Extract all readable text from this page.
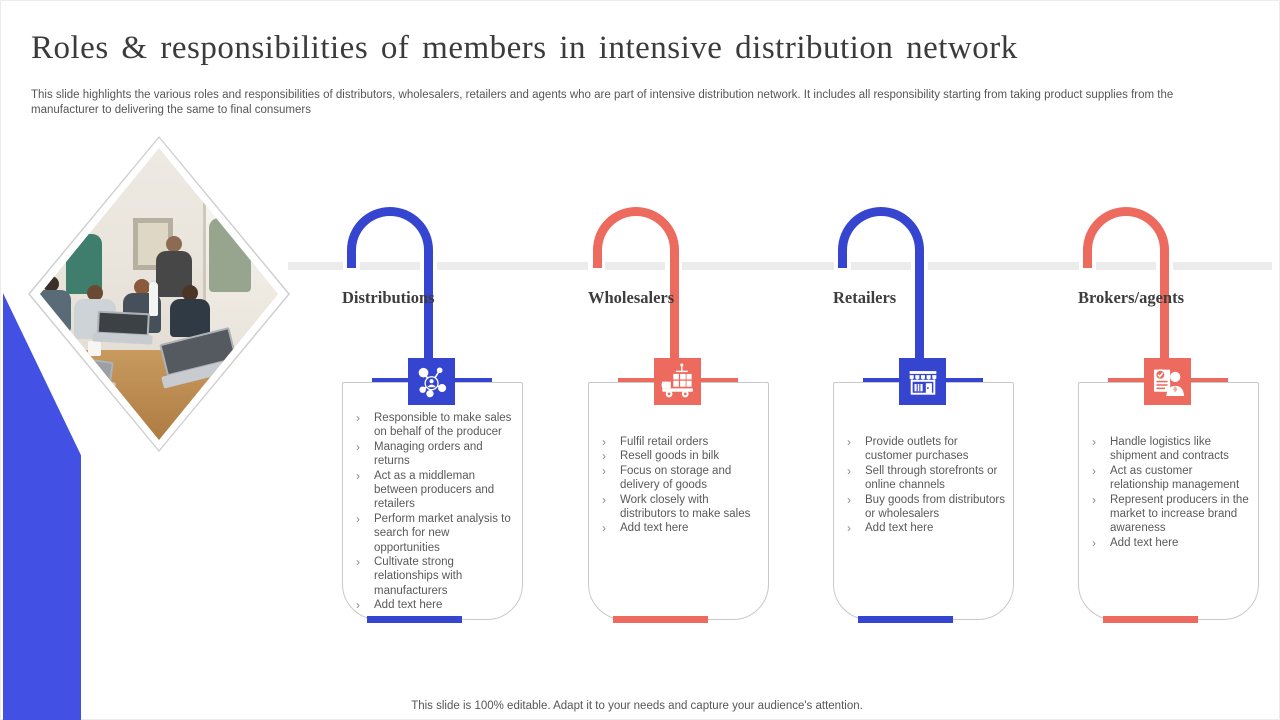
Roles & responsibilities of members in intensive distribution network
This slide highlights the various roles and responsibilities of distributors, wholesalers, retailers and agents who are part of intensive distribution network. It includes all responsibility starting from taking product supplies from the manufacturer to delivering the same to final consumers
Distributions
›	Responsible to make sales on behalf of the producer
›	Managing orders and returns
›	Act as a middleman between producers and retailers
›	Perform market analysis to search for new opportunities
›	Cultivate strong relationships with manufacturers
›	Add text here
Wholesalers
›	Fulfil retail orders
›	Resell goods in bilk
›	Focus on storage and delivery of goods
›	Work closely with distributors to make sales
›	Add text here
Retailers
›	Provide outlets for customer purchases
›	Sell through storefronts or online channels
›	Buy goods from distributors or wholesalers
›	Add text here
Brokers/agents
›	Handle logistics like shipment and contracts
›	Act as customer relationship management
›	Represent producers in the market to increase brand awareness
›	Add text here
This slide is 100% editable. Adapt it to your needs and capture your audience's attention.
